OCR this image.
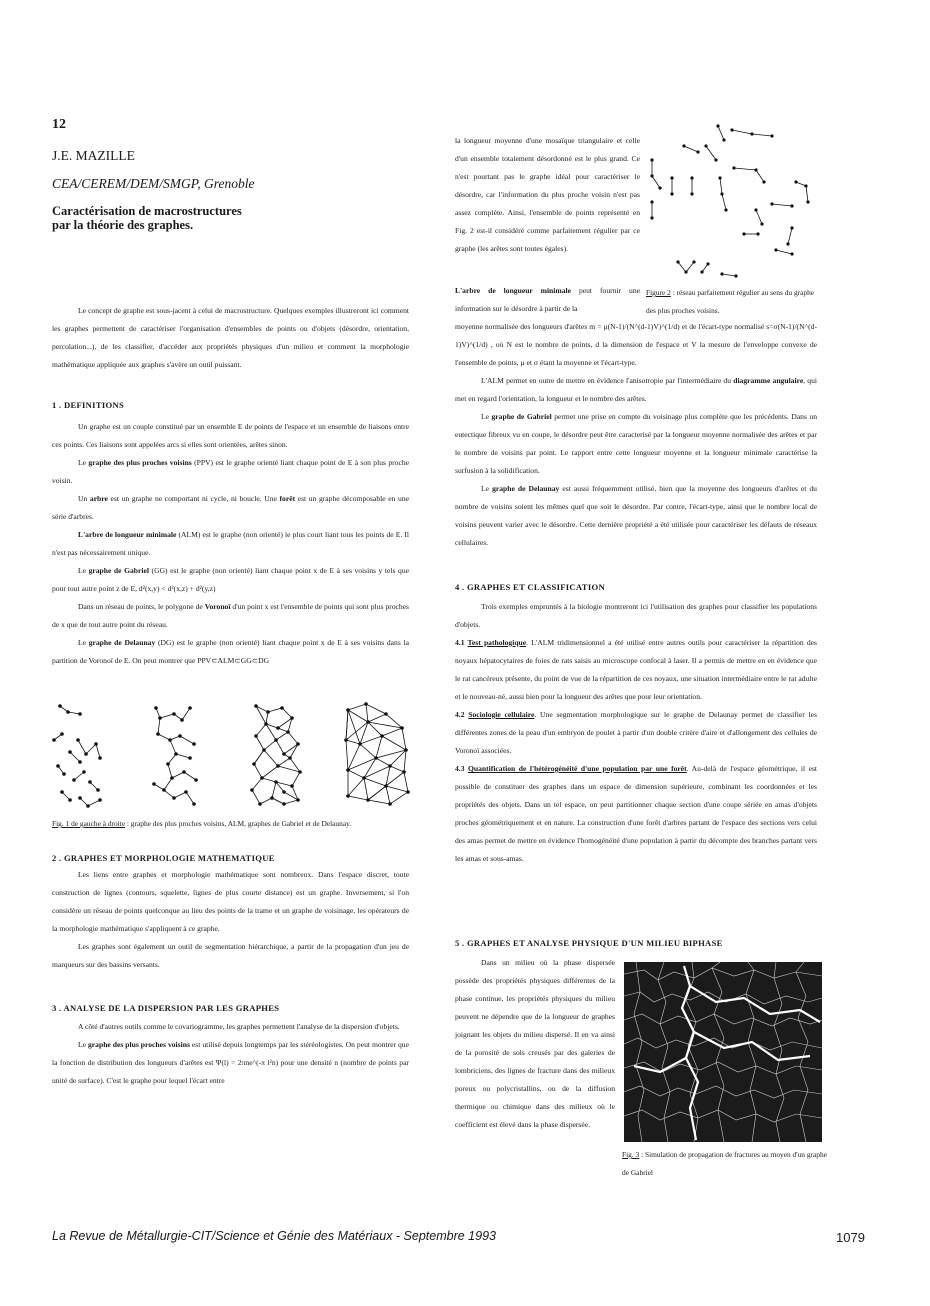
12
J.E. MAZILLE
CEA/CEREM/DEM/SMGP, Grenoble
Caractérisation de macrostructures
par la théorie des graphes.
Le concept de graphe est sous-jacent à celui de macrostructure. Quelques exemples illustreront ici comment les graphes permettent de caractériser l'organisation d'ensembles de points ou d'objets (désordre, orientation, percolation...), de les classifier, d'accéder aux propriétés physiques d'un milieu et comment la morphologie mathématique appliquée aux graphes s'avère un outil puissant.
1 . DEFINITIONS
Un graphe est un couple constitué par un ensemble E de points de l'espace et un ensemble de liaisons entre ces points. Ces liaisons sont appelées arcs si elles sont orientées, arêtes sinon.
Le graphe des plus proches voisins (PPV) est le graphe orienté liant chaque point de E à son plus proche voisin.
Un arbre est un graphe ne comportant ni cycle, ni boucle. Une forêt est un graphe décomposable en une série d'arbres.
L'arbre de longueur minimale (ALM) est le graphe (non orienté) le plus court liant tous les points de E. Il n'est pas nécessairement unique.
Le graphe de Gabriel (GG) est le graphe (non orienté) liant chaque point x de E à ses voisins y tels que pour tout autre point z de E, d²(x,y) < d²(x,z) + d²(y,z)
Dans un réseau de points, le polygone de Voronoï d'un point x est l'ensemble de points qui sont plus proches de x que de tout autre point du réseau.
Le graphe de Delaunay (DG) est le graphe (non orienté) liant chaque point x de E à ses voisins dans la partition de Voronoï de E. On peut montrer que PPV⊂ALM⊂GG⊂DG
Fig. 1 de gauche à droite : graphe des plus proches voisins, ALM, graphes de Gabriel et de Delaunay.
2 . GRAPHES ET MORPHOLOGIE MATHEMATIQUE
Les liens entre graphes et morphologie mathématique sont nombreux. Dans l'espace discret, toute construction de lignes (contours, squelette, lignes de plus courte distance) est un graphe. Inversement, si l'on considère un réseau de points quelconque au lieu des points de la trame et un graphe de voisinage, les opérateurs de la morphologie mathématique s'appliquent à ce graphe.
Les graphes sont également un outil de segmentation hiérarchique, a partir de la propagation d'un jeu de marqueurs sur des bassins versants.
3 . ANALYSE DE LA DISPERSION PAR LES GRAPHES
A côté d'autres outils comme le covariogramme, les graphes permettent l'analyse de la dispersion d'objets.
Le graphe des plus proches voisins est utilisé depuis longtemps par les stéréologistes. On peut montrer que la fonction de distribution des longueurs d'arêtes est Ψ(l) = 2πne^(-π l²n) pour une densité n (nombre de points par unité de surface). C'est le graphe pour lequel l'écart entre
la longueur moyenne d'une mosaïque triangulaire et celle d'un ensemble totalement désordonné est le plus grand. Ce n'est pourtant pas le graphe idéal pour caractériser le désordre, car l'information du plus proche voisin n'est pas assez complète. Ainsi, l'ensemble de points représenté en Fig. 2 est-il considéré comme parfaitement régulier par ce graphe (les arêtes sont toutes égales).
L'arbre de longueur minimale peut fournir une information sur le désordre à partir de la
Figure 2 : réseau parfaitement régulier au sens du graphe des plus proches voisins.
moyenne normalisée des longueurs d'arêtes m = μ(N-1)/(N^(d-1)V)^(1/d) et de l'écart-type normalisé s=σ(N-1)/(N^(d-1)V)^(1/d) , où N est le nombre de points, d la dimension de l'espace et V la mesure de l'enveloppe convexe de l'ensemble de points, μ et σ étant la moyenne et l'écart-type.
L'ALM permet en outre de mettre en évidence l'anisotropie par l'intermédiaire du diagramme angulaire, qui met en regard l'orientation, la longueur et le nombre des arêtes.
Le graphe de Gabriel permet une prise en compte du voisinage plus complète que les précédents. Dans un eutectique fibreux vu en coupe, le désordre peut être caracterisé par la longueur moyenne normalisée des arêtes et par le nombre de voisins par point. Le rapport entre cette longueur moyenne et la longueur minimale caractérise la surfusion à la solidification.
Le graphe de Delaunay est aussi fréquemment utilisé, bien que la moyenne des longueurs d'arêtes et du nombre de voisins soient les mêmes quel que soit le désordre. Par contre, l'écart-type, ainsi que le nombre local de voisins peuvent varier avec le désordre. Cette dernière propriété a été utilisée pour caractériser les défauts de réseaux cellulaires.
4 . GRAPHES ET CLASSIFICATION
Trois exemples empruntés à la biologie montreront ici l'utilisation des graphes pour classifier les populations d'objets.
4.1 Test pathologique. L'ALM tridimensionnel a été utilisé entre autres outils pour caractériser la répartition des noyaux hépatocytaires de foies de rats saisis au microscope confocal à laser. Il a permis de mettre en en évidence que le rat cancéreux présente, du point de vue de la répartition de ces noyaux, une situation intermédiaire entre le rat adulte et le nouveau-né, aussi bien pour la longueur des arêtes que pour leur orientation.
4.2 Sociologie cellulaire. Une segmentation morphologique sur le graphe de Delaunay permet de classifier les différentes zones de la peau d'un embryon de poulet à partir d'un double critère d'aire et d'allongement des cellules de Voronoï associées.
4.3 Quantification de l'hétérogénéité d'une population par une forêt. Au-delà de l'espace géométrique, il est possible de constituer des graphes dans un espace de dimension supérieure, combinant les coordonnées et les propriétés des objets. Dans un tel espace, on peut partitionner chaque section d'une coupe sériée en amas d'objets proches géométriquement et en nature. La construction d'une forêt d'arbres partant de l'espace des sections vers celui des amas permet de mettre en évidence l'homogénéité d'une population à partir du décompte des branches partant vers les amas et sous-amas.
5 . GRAPHES ET ANALYSE PHYSIQUE D'UN MILIEU BIPHASE
Dans un milieu où la phase dispersée possède des propriétés physiques différentes de la phase continue, les propriétés physiques du milieu peuvent ne dépendre que de la longueur de graphes joignant les objets du milieu dispersé. Il en va ainsi de la porosité de sols creusés par des galeries de lombriciens, des lignes de fracture dans des milieux poreux ou polycristallins, ou de la diffusion thermique ou chimique dans des milieux où le coefficient est élevé dans la phase dispersée.
Fig. 3 : Simulation de propagation de fractures au moyen d'un graphe de Gabriel
La Revue de Métallurgie-CIT/Science et Génie des Matériaux - Septembre 1993	1079
